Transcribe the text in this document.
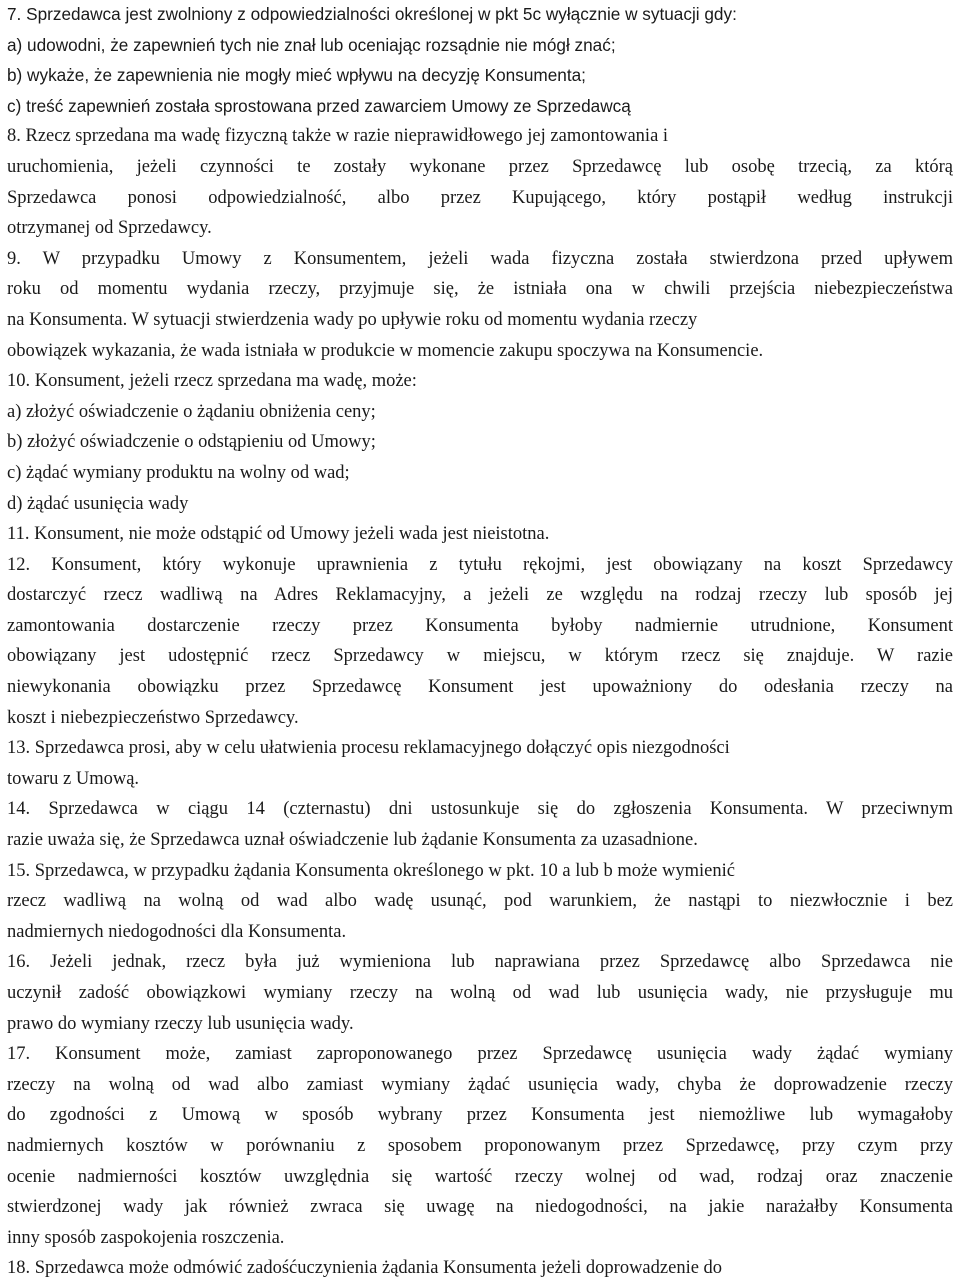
7. Sprzedawca jest zwolniony z odpowiedzialności określonej w pkt 5c wyłącznie w sytuacji gdy:
a) udowodni, że zapewnień tych nie znał lub oceniając rozsądnie nie mógł znać;
b) wykaże, że zapewnienia nie mogły mieć wpływu na decyzję Konsumenta;
c) treść zapewnień została sprostowana przed zawarciem Umowy ze Sprzedawcą
8. Rzecz sprzedana ma wadę fizyczną także w razie nieprawidłowego jej zamontowania i
uruchomienia, jeżeli czynności te zostały wykonane przez Sprzedawcę lub osobę trzecią, za którą
Sprzedawca ponosi odpowiedzialność, albo przez Kupującego, który postąpił według instrukcji
otrzymanej od Sprzedawcy.
9. W przypadku Umowy z Konsumentem, jeżeli wada fizyczna została stwierdzona przed upływem
roku od momentu wydania rzeczy, przyjmuje się, że istniała ona w chwili przejścia niebezpieczeństwa
na Konsumenta. W sytuacji stwierdzenia wady po upływie roku od momentu wydania rzeczy
obowiązek wykazania, że wada istniała w produkcie w momencie zakupu spoczywa na Konsumencie.
10. Konsument, jeżeli rzecz sprzedana ma wadę, może:
a) złożyć oświadczenie o żądaniu obniżenia ceny;
b) złożyć oświadczenie o odstąpieniu od Umowy;
c) żądać wymiany produktu na wolny od wad;
d) żądać usunięcia wady
11. Konsument, nie może odstąpić od Umowy jeżeli wada jest nieistotna.
12. Konsument, który wykonuje uprawnienia z tytułu rękojmi, jest obowiązany na koszt Sprzedawcy
dostarczyć rzecz wadliwą na Adres Reklamacyjny, a jeżeli ze względu na rodzaj rzeczy lub sposób jej
zamontowania dostarczenie rzeczy przez Konsumenta byłoby nadmiernie utrudnione, Konsument
obowiązany jest udostępnić rzecz Sprzedawcy w miejscu, w którym rzecz się znajduje. W razie
niewykonania obowiązku przez Sprzedawcę Konsument jest upoważniony do odesłania rzeczy na
koszt i niebezpieczeństwo Sprzedawcy.
13. Sprzedawca prosi, aby w celu ułatwienia procesu reklamacyjnego dołączyć opis niezgodności
towaru z Umową.
14. Sprzedawca w ciągu 14 (czternastu) dni ustosunkuje się do zgłoszenia Konsumenta. W przeciwnym
razie uważa się, że Sprzedawca uznał oświadczenie lub żądanie Konsumenta za uzasadnione.
15. Sprzedawca, w przypadku żądania Konsumenta określonego w pkt. 10 a lub b może wymienić
rzecz wadliwą na wolną od wad albo wadę usunąć, pod warunkiem, że nastąpi to niezwłocznie i bez
nadmiernych niedogodności dla Konsumenta.
16. Jeżeli jednak, rzecz była już wymieniona lub naprawiana przez Sprzedawcę albo Sprzedawca nie
uczynił zadość obowiązkowi wymiany rzeczy na wolną od wad lub usunięcia wady, nie przysługuje mu
prawo do wymiany rzeczy lub usunięcia wady.
17. Konsument może, zamiast zaproponowanego przez Sprzedawcę usunięcia wady żądać wymiany
rzeczy na wolną od wad albo zamiast wymiany żądać usunięcia wady, chyba że doprowadzenie rzeczy
do zgodności z Umową w sposób wybrany przez Konsumenta jest niemożliwe lub wymagałoby
nadmiernych kosztów w porównaniu z sposobem proponowanym przez Sprzedawcę, przy czym przy
ocenie nadmierności kosztów uwzględnia się wartość rzeczy wolnej od wad, rodzaj oraz znaczenie
stwierdzonej wady jak również zwraca się uwagę na niedogodności, na jakie narażałby Konsumenta
inny sposób zaspokojenia roszczenia.
18. Sprzedawca może odmówić zadośćuczynienia żądania Konsumenta jeżeli doprowadzenie do
